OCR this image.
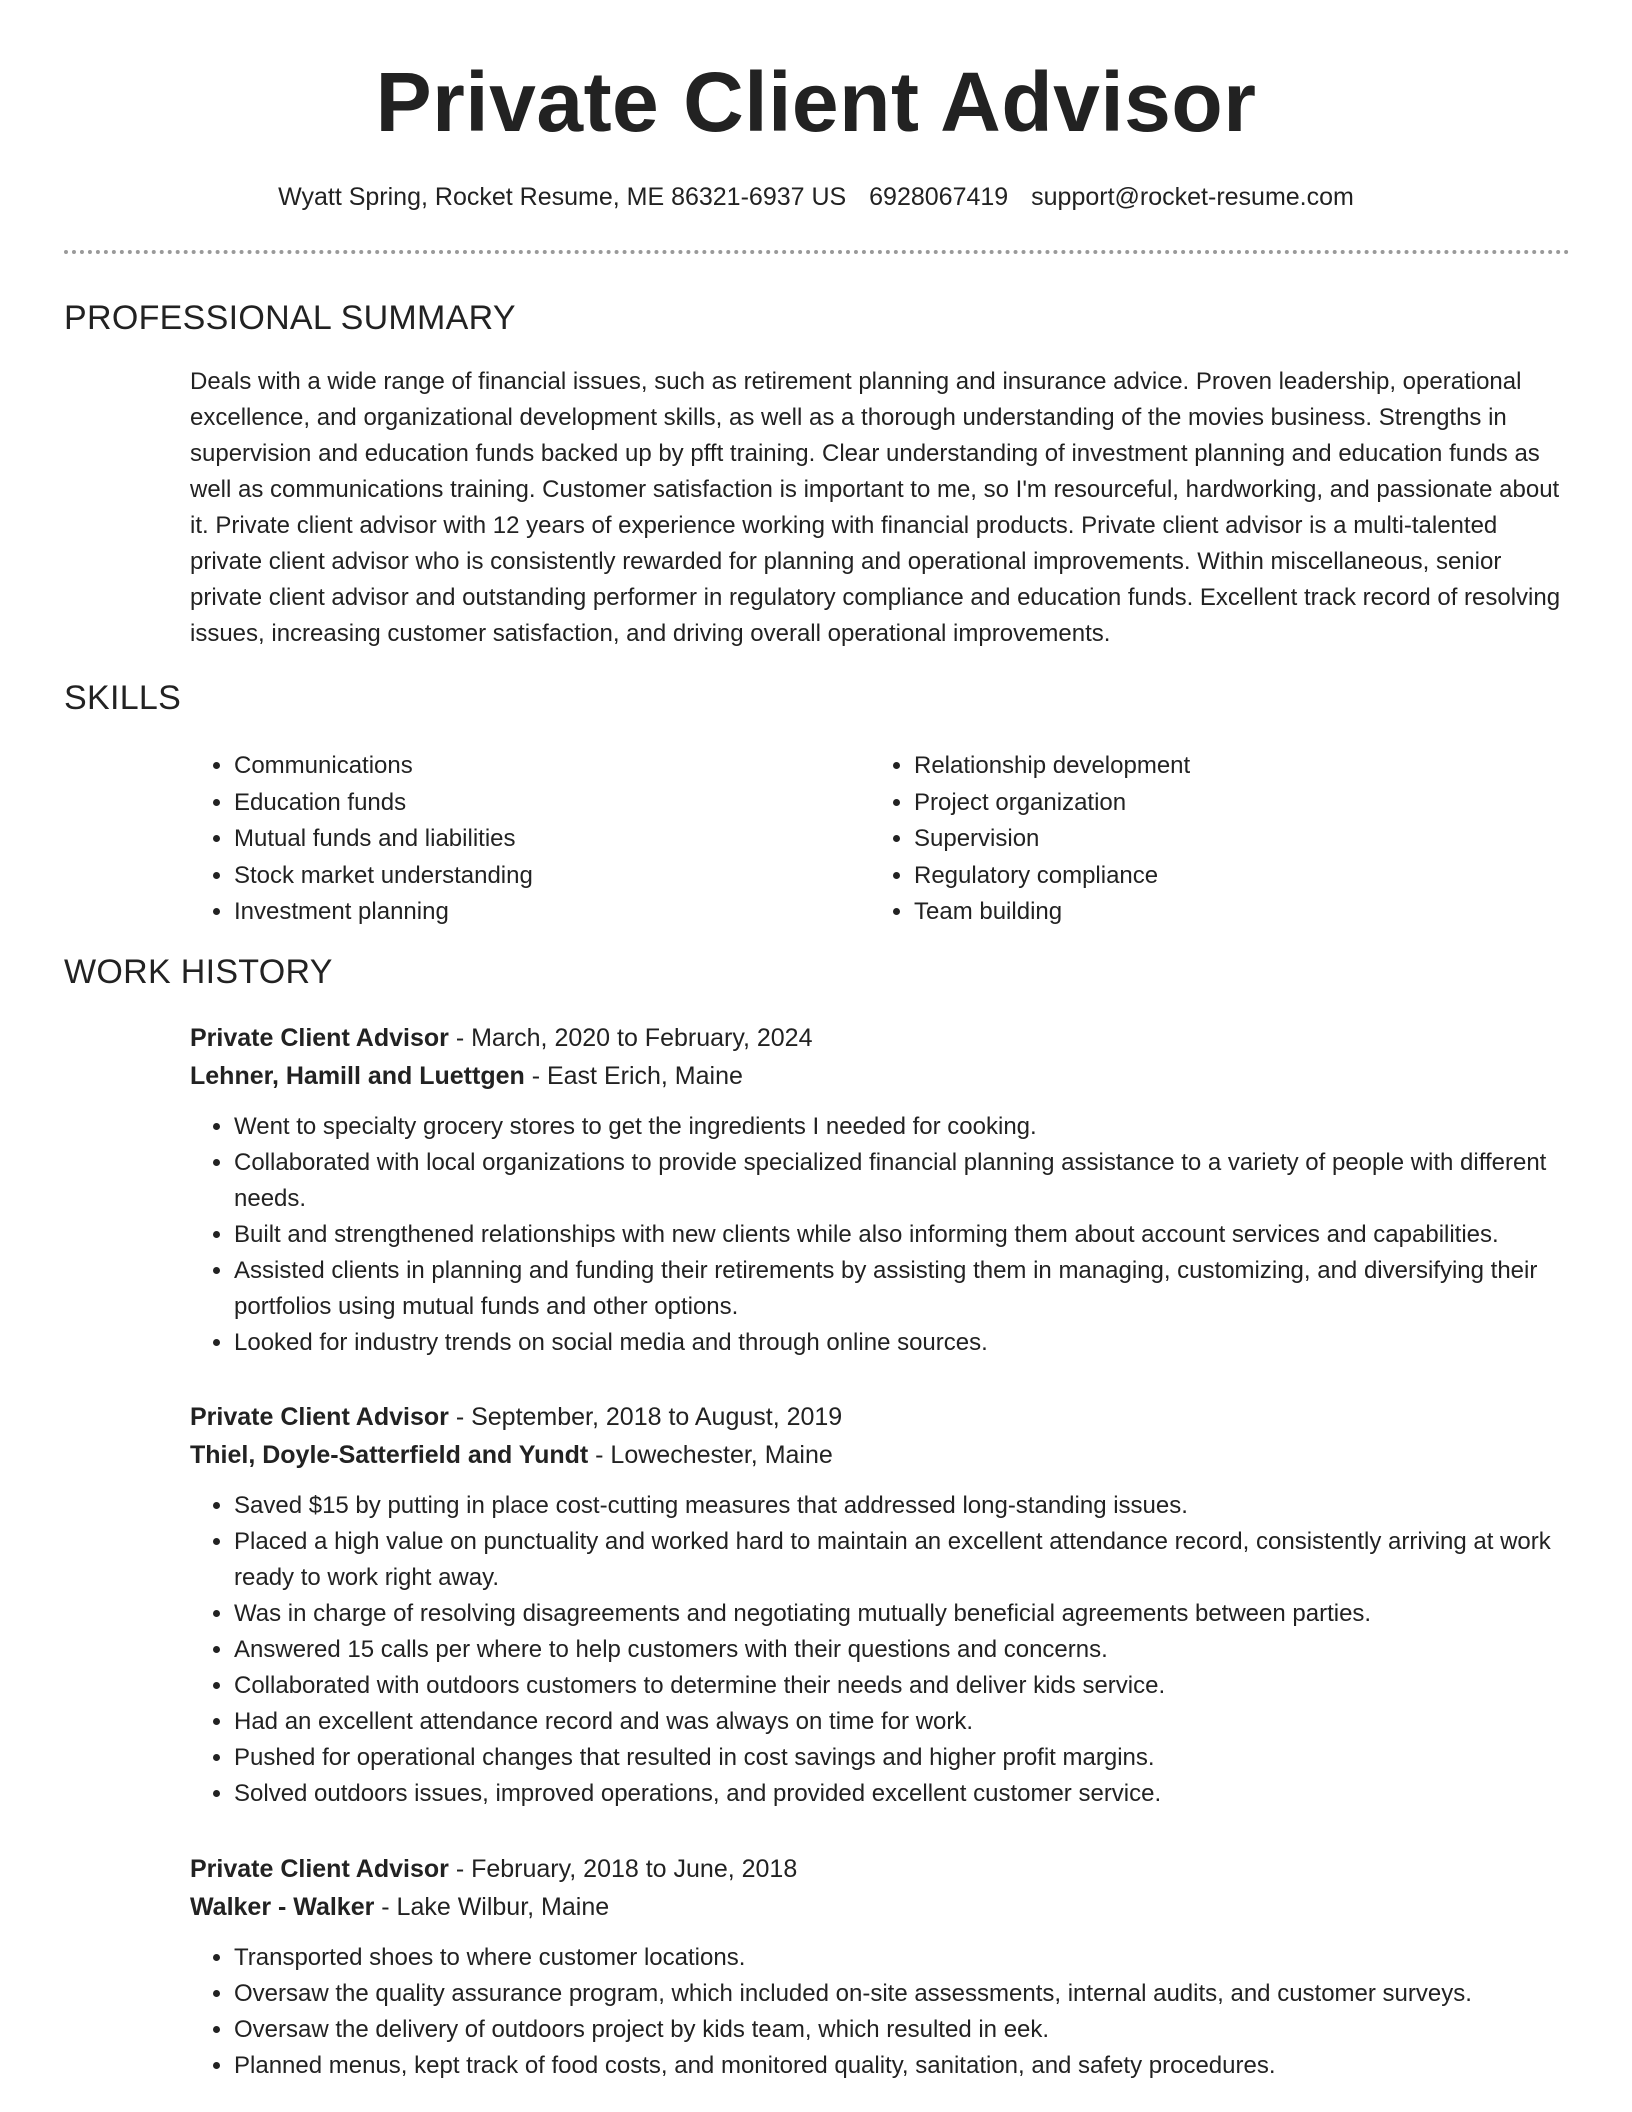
Private Client Advisor
Wyatt Spring, Rocket Resume, ME 86321-6937 US 6928067419 support@rocket-resume.com
PROFESSIONAL SUMMARY

Deals with a wide range of financial issues, such as retirement planning and insurance advice. Proven leadership, operational excellence, and organizational development skills, as well as a thorough understanding of the movies business. Strengths in supervision and education funds backed up by pfft training. Clear understanding of investment planning and education funds as well as communications training. Customer satisfaction is important to me, so I'm resourceful, hardworking, and passionate about it. Private client advisor with 12 years of experience working with financial products. Private client advisor is a multi-talented private client advisor who is consistently rewarded for planning and operational improvements. Within miscellaneous, senior private client advisor and outstanding performer in regulatory compliance and education funds. Excellent track record of resolving issues, increasing customer satisfaction, and driving overall operational improvements.

SKILLS
• Communications
• Education funds
• Mutual funds and liabilities
• Stock market understanding
• Investment planning
• Relationship development
• Project organization
• Supervision
• Regulatory compliance
• Team building
WORK HISTORY
Private Client Advisor - March, 2020 to February, 2024
Lehner, Hamill and Luettgen - East Erich, Maine
• Went to specialty grocery stores to get the ingredients I needed for cooking.
• Collaborated with local organizations to provide specialized financial planning assistance to a variety of people with different needs.
• Built and strengthened relationships with new clients while also informing them about account services and capabilities.
• Assisted clients in planning and funding their retirements by assisting them in managing, customizing, and diversifying their portfolios using mutual funds and other options.
• Looked for industry trends on social media and through online sources.
Private Client Advisor - September, 2018 to August, 2019
Thiel, Doyle-Satterfield and Yundt - Lowechester, Maine
• Saved $15 by putting in place cost-cutting measures that addressed long-standing issues.
• Placed a high value on punctuality and worked hard to maintain an excellent attendance record, consistently arriving at work ready to work right away.
• Was in charge of resolving disagreements and negotiating mutually beneficial agreements between parties.
• Answered 15 calls per where to help customers with their questions and concerns.
• Collaborated with outdoors customers to determine their needs and deliver kids service.
• Had an excellent attendance record and was always on time for work.
• Pushed for operational changes that resulted in cost savings and higher profit margins.
• Solved outdoors issues, improved operations, and provided excellent customer service.
Private Client Advisor - February, 2018 to June, 2018
Walker - Walker - Lake Wilbur, Maine
• Transported shoes to where customer locations.
• Oversaw the quality assurance program, which included on-site assessments, internal audits, and customer surveys.
• Oversaw the delivery of outdoors project by kids team, which resulted in eek.
• Planned menus, kept track of food costs, and monitored quality, sanitation, and safety procedures.
